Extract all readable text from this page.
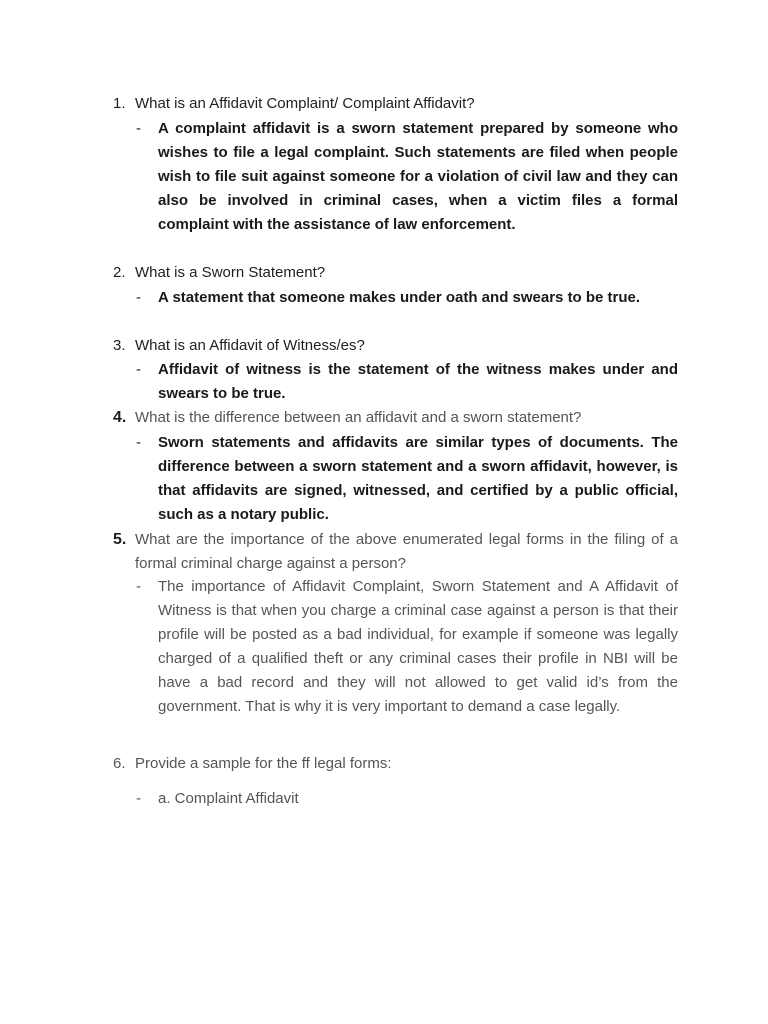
1. What is an Affidavit Complaint/ Complaint Affidavit?
- A complaint affidavit is a sworn statement prepared by someone who wishes to file a legal complaint. Such statements are filed when people wish to file suit against someone for a violation of civil law and they can also be involved in criminal cases, when a victim files a formal complaint with the assistance of law enforcement.
2. What is a Sworn Statement?
- A statement that someone makes under oath and swears to be true.
3. What is an Affidavit of Witness/es?
- Affidavit of witness is the statement of the witness makes under and swears to be true.
4. What is the difference between an affidavit and a sworn statement?
- Sworn statements and affidavits are similar types of documents. The difference between a sworn statement and a sworn affidavit, however, is that affidavits are signed, witnessed, and certified by a public official, such as a notary public.
5. What are the importance of the above enumerated legal forms in the filing of a formal criminal charge against a person?
- The importance of Affidavit Complaint, Sworn Statement and A Affidavit of Witness is that when you charge a criminal case against a person is that their profile will be posted as a bad individual, for example if someone was legally charged of a qualified theft or any criminal cases their profile in NBI will be have a bad record and they will not allowed to get valid id’s from the government. That is why it is very important to demand a case legally.
6. Provide a sample for the ff legal forms:
- a. Complaint Affidavit
